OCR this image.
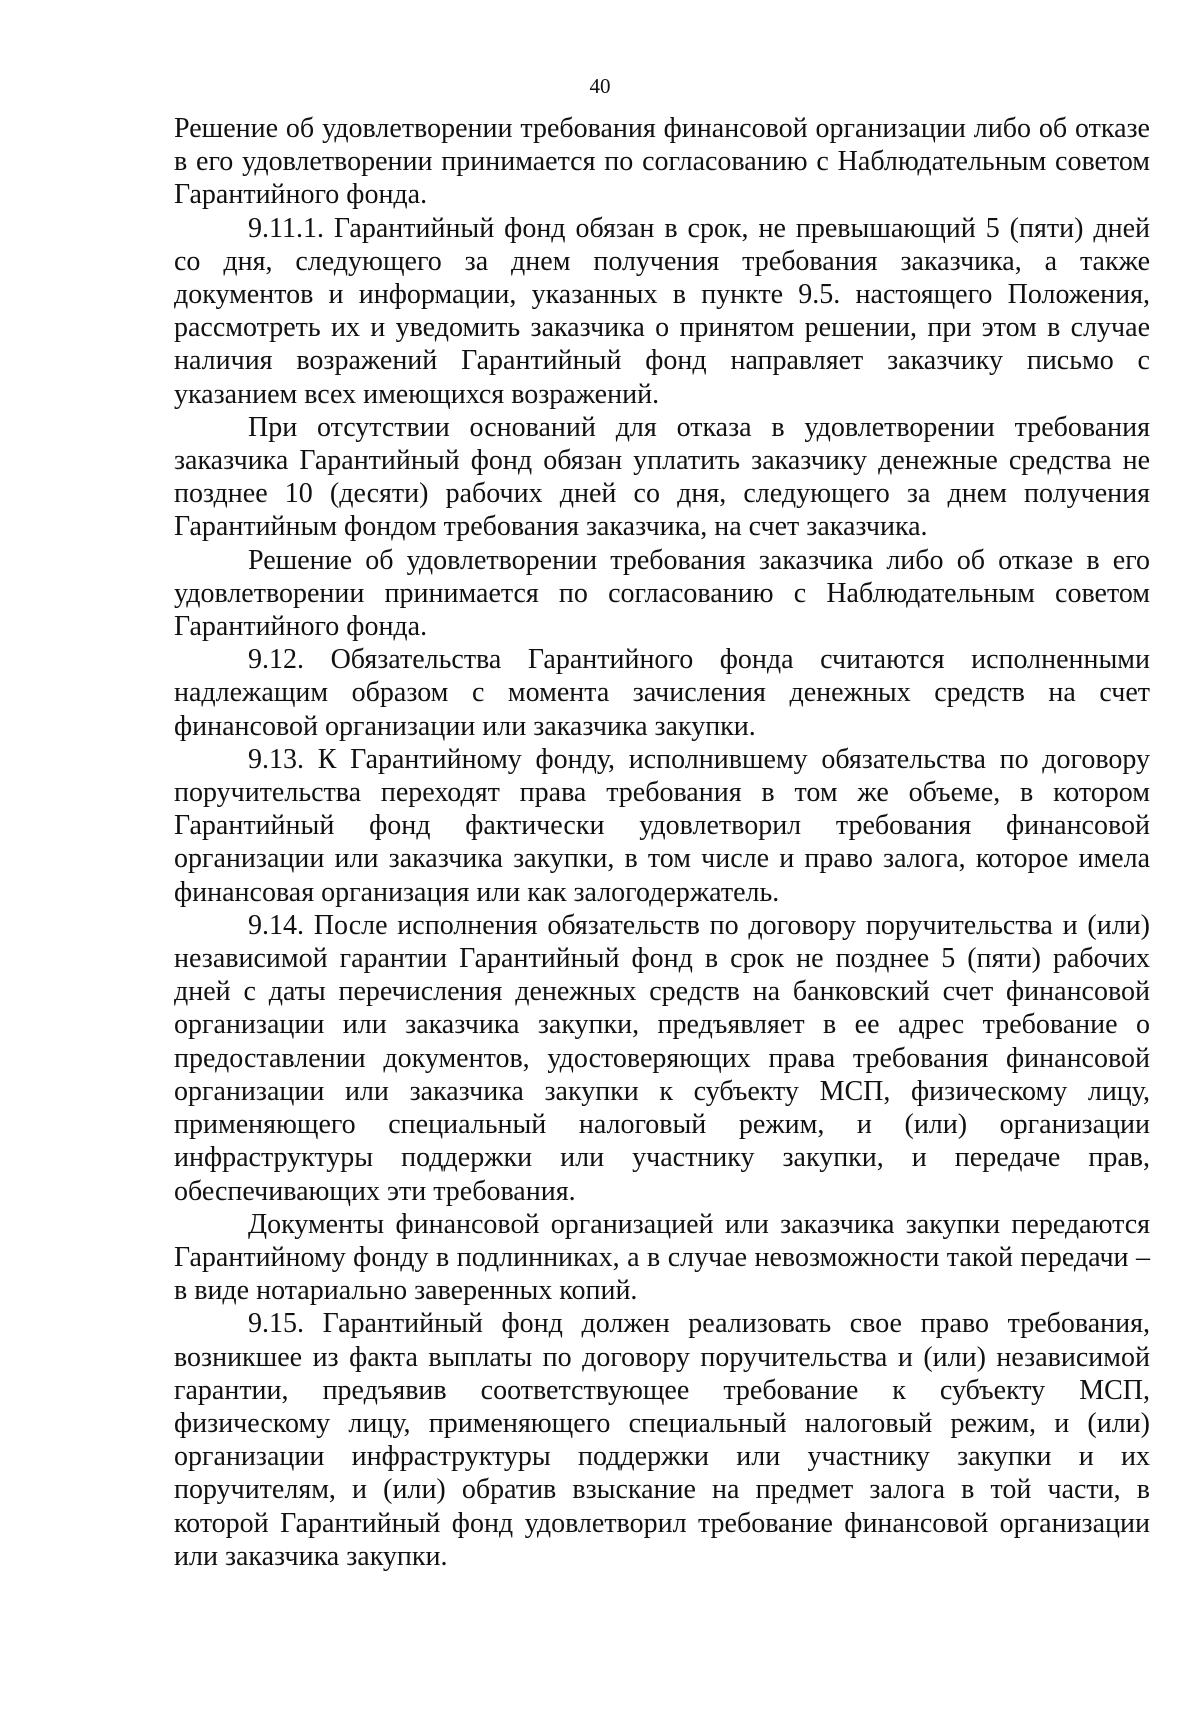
40

Решение об удовлетворении требования финансовой организации либо об отказе в его удовлетворении принимается по согласованию с Наблюдательным советом Гарантийного фонда.

9.11.1. Гарантийный фонд обязан в срок, не превышающий 5 (пяти) дней со дня, следующего за днем получения требования заказчика, а также документов и информации, указанных в пункте 9.5. настоящего Положения, рассмотреть их и уведомить заказчика о принятом решении, при этом в случае наличия возражений Гарантийный фонд направляет заказчику письмо с указанием всех имеющихся возражений.

При отсутствии оснований для отказа в удовлетворении требования заказчика Гарантийный фонд обязан уплатить заказчику денежные средства не позднее 10 (десяти) рабочих дней со дня, следующего за днем получения Гарантийным фондом требования заказчика, на счет заказчика.

Решение об удовлетворении требования заказчика либо об отказе в его удовлетворении принимается по согласованию с Наблюдательным советом Гарантийного фонда.

9.12. Обязательства Гарантийного фонда считаются исполненными надлежащим образом с момента зачисления денежных средств на счет финансовой организации или заказчика закупки.

9.13. К Гарантийному фонду, исполнившему обязательства по договору поручительства переходят права требования в том же объеме, в котором Гарантийный фонд фактически удовлетворил требования финансовой организации или заказчика закупки, в том числе и право залога, которое имела финансовая организация или как залогодержатель.

9.14. После исполнения обязательств по договору поручительства и (или) независимой гарантии Гарантийный фонд в срок не позднее 5 (пяти) рабочих дней с даты перечисления денежных средств на банковский счет финансовой организации или заказчика закупки, предъявляет в ее адрес требование о предоставлении документов, удостоверяющих права требования финансовой организации или заказчика закупки к субъекту МСП, физическому лицу, применяющего специальный налоговый режим, и (или) организации инфраструктуры поддержки или участнику закупки, и передаче прав, обеспечивающих эти требования.

Документы финансовой организацией или заказчика закупки передаются Гарантийному фонду в подлинниках, а в случае невозможности такой передачи – в виде нотариально заверенных копий.

9.15. Гарантийный фонд должен реализовать свое право требования, возникшее из факта выплаты по договору поручительства и (или) независимой гарантии, предъявив соответствующее требование к субъекту МСП, физическому лицу, применяющего специальный налоговый режим, и (или) организации инфраструктуры поддержки или участнику закупки и их поручителям, и (или) обратив взыскание на предмет залога в той части, в которой Гарантийный фонд удовлетворил требование финансовой организации или заказчика закупки.
